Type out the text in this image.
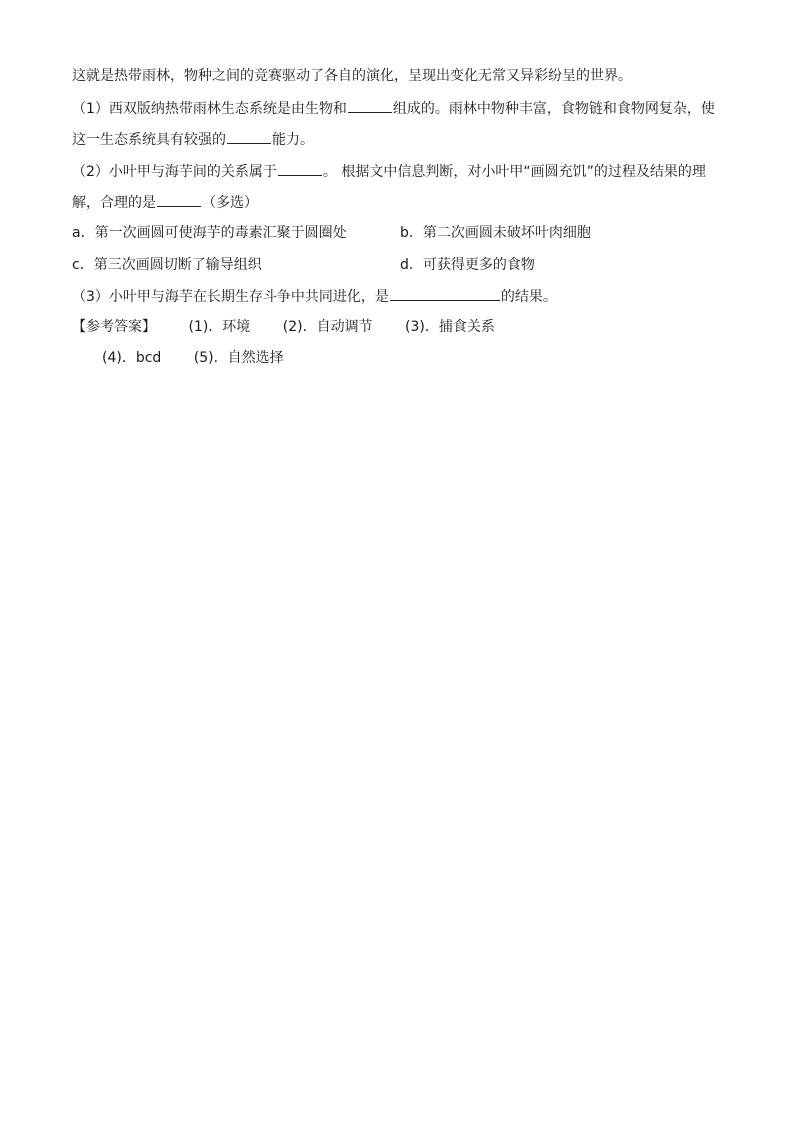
这就是热带雨林，物种之间的竞赛驱动了各自的演化，呈现出变化无常又异彩纷呈的世界。
（1）西双版纳热带雨林生态系统是由生物和	组成的。雨林中物种丰富，食物链和食物网复杂，使
这一生态系统具有较强的	能力。
（2）小叶甲与海芋间的关系属于	。 根据文中信息判断，对小叶甲“画圆充饥”的过程及结果的理
解，合理的是	（多选）
a．第一次画圆可使海芋的毒素汇聚于圆圈处	b．第二次画圆未破坏叶肉细胞
c．第三次画圆切断了输导组织	d．可获得更多的食物
（3）小叶甲与海芋在长期生存斗争中共同进化，是	的结果。
【参考答案】 (1)．环境 (2)．自动调节 (3)．捕食关系
(4)．bcd (5)．自然选择
